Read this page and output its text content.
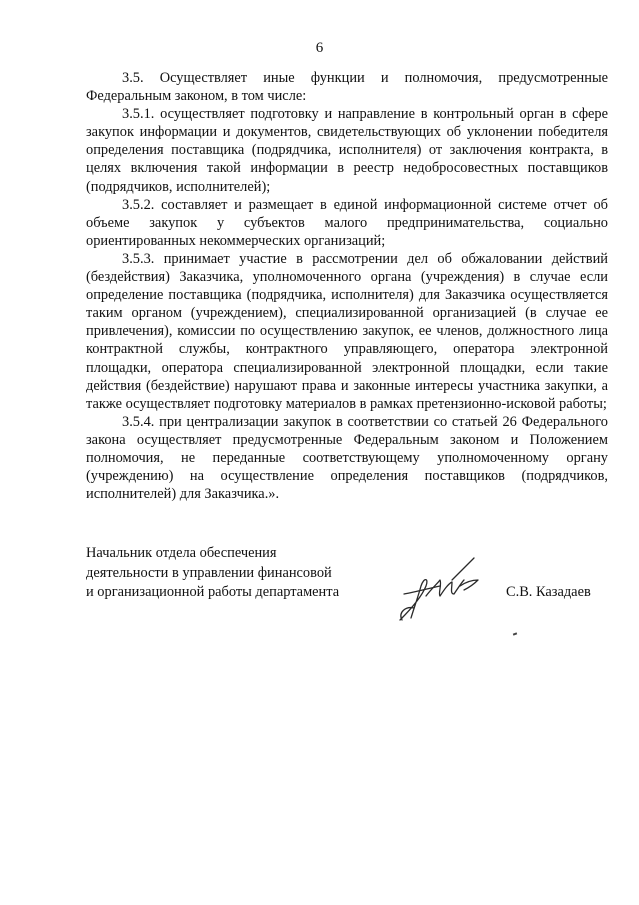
6

3.5. Осуществляет иные функции и полномочия, предусмотренные Федеральным законом, в том числе:

3.5.1. осуществляет подготовку и направление в контрольный орган в сфере закупок информации и документов, свидетельствующих об уклонении победителя определения поставщика (подрядчика, исполнителя) от заключения контракта, в целях включения такой информации в реестр недобросовестных поставщиков (подрядчиков, исполнителей);

3.5.2. составляет и размещает в единой информационной системе отчет об объеме закупок у субъектов малого предпринимательства, социально ориентированных некоммерческих организаций;

3.5.3. принимает участие в рассмотрении дел об обжаловании действий (бездействия) Заказчика, уполномоченного органа (учреждения) в случае если определение поставщика (подрядчика, исполнителя) для Заказчика осуществляется таким органом (учреждением), специализированной организацией (в случае ее привлечения), комиссии по осуществлению закупок, ее членов, должностного лица контрактной службы, контрактного управляющего, оператора электронной площадки, оператора специализированной электронной площадки, если такие действия (бездействие) нарушают права и законные интересы участника закупки, а также осуществляет подготовку материалов в рамках претензионно-исковой работы;

3.5.4. при централизации закупок в соответствии со статьей 26 Федерального закона осуществляет предусмотренные Федеральным законом и Положением полномочия, не переданные соответствующему уполномоченному органу (учреждению) на осуществление определения поставщиков (подрядчиков, исполнителей) для Заказчика.».

Начальник отдела обеспечения
деятельности в управлении финансовой
и организационной работы департамента	С.В. Казадаев
